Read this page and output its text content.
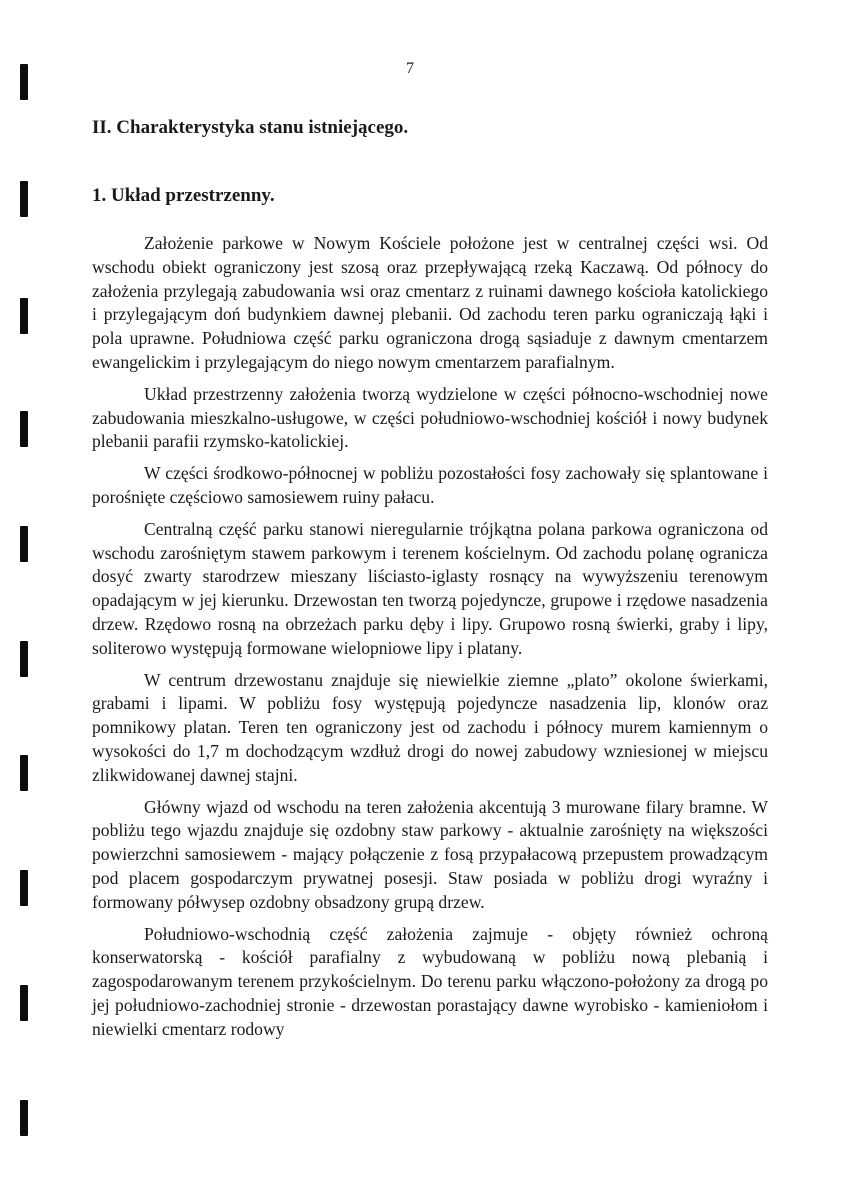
7
II. Charakterystyka stanu istniejącego.
1. Układ przestrzenny.

Założenie parkowe w Nowym Kościele położone jest w centralnej części wsi. Od wschodu obiekt ograniczony jest szosą oraz przepływającą rzeką Kaczawą. Od północy do założenia przylegają zabudowania wsi oraz cmentarz z ruinami dawnego kościoła katolickiego i przylegającym doń budynkiem dawnej plebanii. Od zachodu teren parku ograniczają łąki i pola uprawne. Południowa część parku ograniczona drogą sąsiaduje z dawnym cmentarzem ewangelickim i przylegającym do niego nowym cmentarzem parafialnym.

Układ przestrzenny założenia tworzą wydzielone w części północno-wschodniej nowe zabudowania mieszkalno-usługowe, w części południowo-wschodniej kościół i nowy budynek plebanii parafii rzymsko-katolickiej.

W części środkowo-północnej w pobliżu pozostałości fosy zachowały się splantowane i porośnięte częściowo samosiewem ruiny pałacu.

Centralną część parku stanowi nieregularnie trójkątna polana parkowa ograniczona od wschodu zarośniętym stawem parkowym i terenem kościelnym. Od zachodu polanę ogranicza dosyć zwarty starodrzew mieszany liściasto-iglasty rosnący na wywyższeniu terenowym opadającym w jej kierunku. Drzewostan ten tworzą pojedyncze, grupowe i rzędowe nasadzenia drzew. Rzędowo rosną na obrzeżach parku dęby i lipy. Grupowo rosną świerki, graby i lipy, soliterowo występują formowane wielopniowe lipy i platany.

W centrum drzewostanu znajduje się niewielkie ziemne „plato” okolone świerkami, grabami i lipami. W pobliżu fosy występują pojedyncze nasadzenia lip, klonów oraz pomnikowy platan. Teren ten ograniczony jest od zachodu i północy murem kamiennym o wysokości do 1,7 m dochodzącym wzdłuż drogi do nowej zabudowy wzniesionej w miejscu zlikwidowanej dawnej stajni.

Główny wjazd od wschodu na teren założenia akcentują 3 murowane filary bramne. W pobliżu tego wjazdu znajduje się ozdobny staw parkowy - aktualnie zarośnięty na większości powierzchni samosiewem - mający połączenie z fosą przypałacową przepustem prowadzącym pod placem gospodarczym prywatnej posesji. Staw posiada w pobliżu drogi wyraźny i formowany półwysep ozdobny obsadzony grupą drzew.

Południowo-wschodnią część założenia zajmuje - objęty również ochroną konserwatorską - kościół parafialny z wybudowaną w pobliżu nową plebanią i zagospodarowanym terenem przykościelnym. Do terenu parku włączono-położony za drogą po jej południowo-zachodniej stronie - drzewostan porastający dawne wyrobisko - kamieniołom i niewielki cmentarz rodowy
